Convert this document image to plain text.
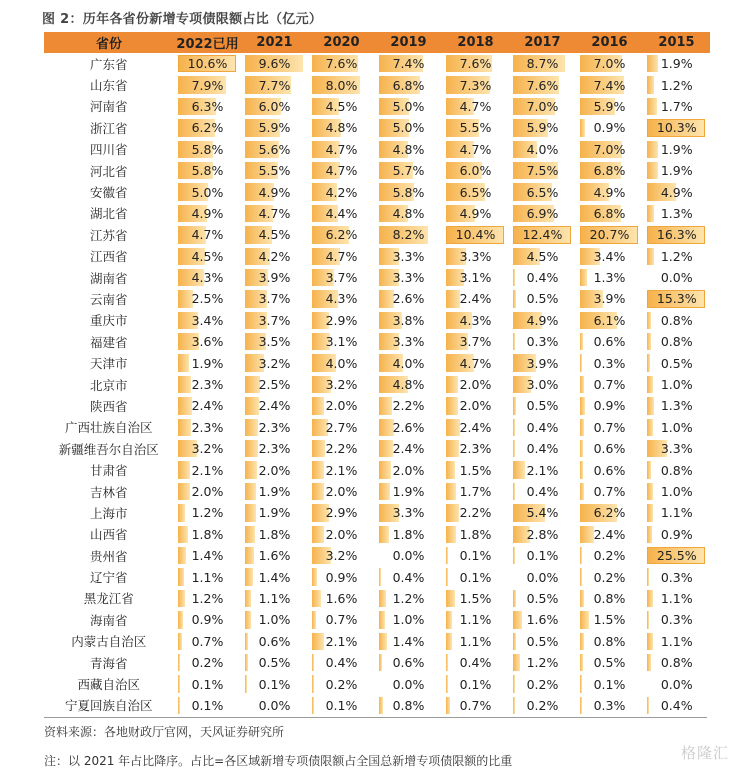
图 2：历年各省份新增专项债限额占比（亿元）
省份	2022已用	2021	2020	2019	2018	2017	2016	2015
广东省	10.6%	9.6%	7.6%	7.4%	7.6%	8.7%	7.0%	1.9%
山东省	7.9%	7.7%	8.0%	6.8%	7.3%	7.6%	7.4%	1.2%
河南省	6.3%	6.0%	4.5%	5.0%	4.7%	7.0%	5.9%	1.7%
浙江省	6.2%	5.9%	4.8%	5.0%	5.5%	5.9%	0.9%	10.3%
四川省	5.8%	5.6%	4.7%	4.8%	4.7%	4.0%	7.0%	1.9%
河北省	5.8%	5.5%	4.7%	5.7%	6.0%	7.5%	6.8%	1.9%
安徽省	5.0%	4.9%	4.2%	5.8%	6.5%	6.5%	4.9%	4.9%
湖北省	4.9%	4.7%	4.4%	4.8%	4.9%	6.9%	6.8%	1.3%
江苏省	4.7%	4.5%	6.2%	8.2%	10.4%	12.4%	20.7%	16.3%
江西省	4.5%	4.2%	4.7%	3.3%	3.3%	4.5%	3.4%	1.2%
湖南省	4.3%	3.9%	3.7%	3.3%	3.1%	0.4%	1.3%	0.0%
云南省	2.5%	3.7%	4.3%	2.6%	2.4%	0.5%	3.9%	15.3%
重庆市	3.4%	3.7%	2.9%	3.8%	4.3%	4.9%	6.1%	0.8%
福建省	3.6%	3.5%	3.1%	3.3%	3.7%	0.3%	0.6%	0.8%
天津市	1.9%	3.2%	4.0%	4.0%	4.7%	3.9%	0.3%	0.5%
北京市	2.3%	2.5%	3.2%	4.8%	2.0%	3.0%	0.7%	1.0%
陕西省	2.4%	2.4%	2.0%	2.2%	2.0%	0.5%	0.9%	1.3%
广西壮族自治区	2.3%	2.3%	2.7%	2.6%	2.4%	0.4%	0.7%	1.0%
新疆维吾尔自治区	3.2%	2.3%	2.2%	2.4%	2.3%	0.4%	0.6%	3.3%
甘肃省	2.1%	2.0%	2.1%	2.0%	1.5%	2.1%	0.6%	0.8%
吉林省	2.0%	1.9%	2.0%	1.9%	1.7%	0.4%	0.7%	1.0%
上海市	1.2%	1.9%	2.9%	3.3%	2.2%	5.4%	6.2%	1.1%
山西省	1.8%	1.8%	2.0%	1.8%	1.8%	2.8%	2.4%	0.9%
贵州省	1.4%	1.6%	3.2%	0.0%	0.1%	0.1%	0.2%	25.5%
辽宁省	1.1%	1.4%	0.9%	0.4%	0.1%	0.0%	0.2%	0.3%
黑龙江省	1.2%	1.1%	1.6%	1.2%	1.5%	0.5%	0.8%	1.1%
海南省	0.9%	1.0%	0.7%	1.0%	1.1%	1.6%	1.5%	0.3%
内蒙古自治区	0.7%	0.6%	2.1%	1.4%	1.1%	0.5%	0.8%	1.1%
青海省	0.2%	0.5%	0.4%	0.6%	0.4%	1.2%	0.5%	0.8%
西藏自治区	0.1%	0.1%	0.2%	0.0%	0.1%	0.2%	0.1%	0.0%
宁夏回族自治区	0.1%	0.0%	0.1%	0.8%	0.7%	0.2%	0.3%	0.4%
资料来源：各地财政厅官网，天风证券研究所
注：以 2021 年占比降序。占比=各区域新增专项债限额占全国总新增专项债限额的比重	格隆汇
